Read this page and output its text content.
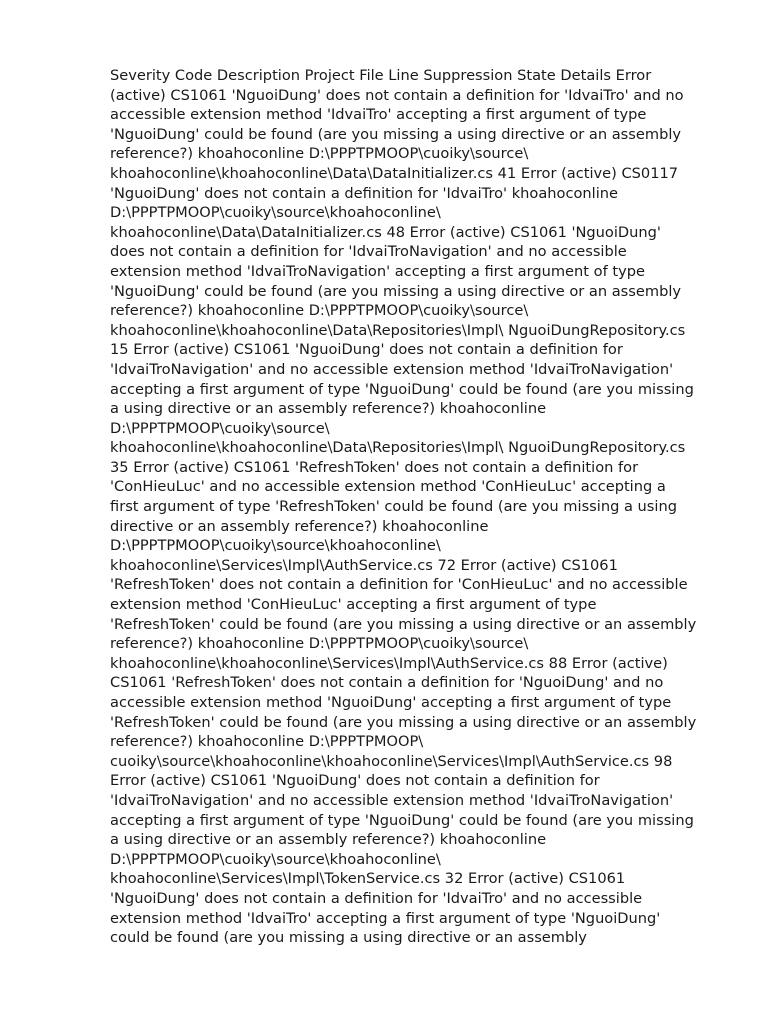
Severity Code Description Project File Line Suppression State Details Error (active) CS1061 'NguoiDung' does not contain a definition for 'IdvaiTro' and no accessible extension method 'IdvaiTro' accepting a first argument of type 'NguoiDung' could be found (are you missing a using directive or an assembly reference?) khoahoconline D:\PPPTPMOOP\cuoiky\source\ khoahoconline\khoahoconline\Data\DataInitializer.cs 41 Error (active) CS0117 'NguoiDung' does not contain a definition for 'IdvaiTro' khoahoconline D:\PPPTPMOOP\cuoiky\source\khoahoconline\ khoahoconline\Data\DataInitializer.cs 48 Error (active) CS1061 'NguoiDung' does not contain a definition for 'IdvaiTroNavigation' and no accessible extension method 'IdvaiTroNavigation' accepting a first argument of type 'NguoiDung' could be found (are you missing a using directive or an assembly reference?) khoahoconline D:\PPPTPMOOP\cuoiky\source\ khoahoconline\khoahoconline\Data\Repositories\Impl\ NguoiDungRepository.cs 15 Error (active) CS1061 'NguoiDung' does not contain a definition for 'IdvaiTroNavigation' and no accessible extension method 'IdvaiTroNavigation' accepting a first argument of type 'NguoiDung' could be found (are you missing a using directive or an assembly reference?) khoahoconline D:\PPPTPMOOP\cuoiky\source\ khoahoconline\khoahoconline\Data\Repositories\Impl\ NguoiDungRepository.cs 35 Error (active) CS1061 'RefreshToken' does not contain a definition for 'ConHieuLuc' and no accessible extension method 'ConHieuLuc' accepting a first argument of type 'RefreshToken' could be found (are you missing a using directive or an assembly reference?) khoahoconline D:\PPPTPMOOP\cuoiky\source\khoahoconline\ khoahoconline\Services\Impl\AuthService.cs 72 Error (active) CS1061 'RefreshToken' does not contain a definition for 'ConHieuLuc' and no accessible extension method 'ConHieuLuc' accepting a first argument of type 'RefreshToken' could be found (are you missing a using directive or an assembly reference?) khoahoconline D:\PPPTPMOOP\cuoiky\source\ khoahoconline\khoahoconline\Services\Impl\AuthService.cs 88 Error (active) CS1061 'RefreshToken' does not contain a definition for 'NguoiDung' and no accessible extension method 'NguoiDung' accepting a first argument of type 'RefreshToken' could be found (are you missing a using directive or an assembly reference?) khoahoconline D:\PPPTPMOOP\ cuoiky\source\khoahoconline\khoahoconline\Services\Impl\AuthService.cs 98 Error (active) CS1061 'NguoiDung' does not contain a definition for 'IdvaiTroNavigation' and no accessible extension method 'IdvaiTroNavigation' accepting a first argument of type 'NguoiDung' could be found (are you missing a using directive or an assembly reference?) khoahoconline D:\PPPTPMOOP\cuoiky\source\khoahoconline\ khoahoconline\Services\Impl\TokenService.cs 32 Error (active) CS1061 'NguoiDung' does not contain a definition for 'IdvaiTro' and no accessible extension method 'IdvaiTro' accepting a first argument of type 'NguoiDung' could be found (are you missing a using directive or an assembly
